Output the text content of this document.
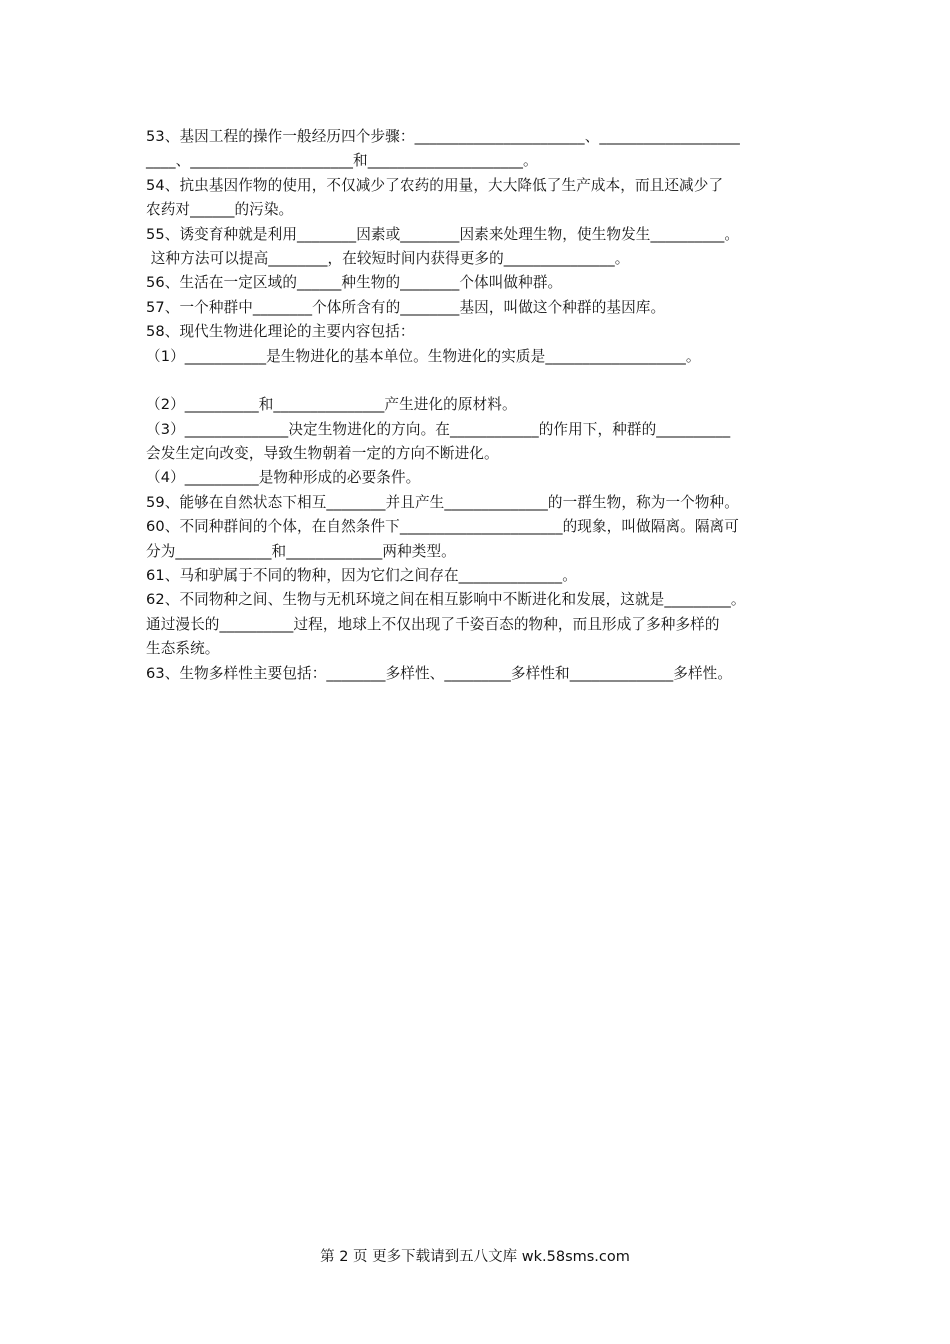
53、基因工程的操作一般经历四个步骤：_______________________、___________________
____、______________________和_____________________。
54、抗虫基因作物的使用，不仅减少了农药的用量，大大降低了生产成本，而且还减少了
农药对______的污染。
55、诱变育种就是利用________因素或________因素来处理生物，使生物发生__________。
这种方法可以提高________，在较短时间内获得更多的_______________。
56、生活在一定区域的______种生物的________个体叫做种群。
57、一个种群中________个体所含有的________基因，叫做这个种群的基因库。
58、现代生物进化理论的主要内容包括：
（1）___________是生物进化的基本单位。生物进化的实质是___________________。
（2）__________和_______________产生进化的原材料。
（3）______________决定生物进化的方向。在____________的作用下，种群的__________
会发生定向改变，导致生物朝着一定的方向不断进化。
（4）__________是物种形成的必要条件。
59、能够在自然状态下相互________并且产生______________的一群生物，称为一个物种。
60、不同种群间的个体，在自然条件下______________________的现象，叫做隔离。隔离可
分为_____________和_____________两种类型。
61、马和驴属于不同的物种，因为它们之间存在______________。
62、不同物种之间、生物与无机环境之间在相互影响中不断进化和发展，这就是_________。
通过漫长的__________过程，地球上不仅出现了千姿百态的物种，而且形成了多种多样的
生态系统。
63、生物多样性主要包括：________多样性、_________多样性和______________多样性。
第 2 页 更多下载请到五八文库 wk.58sms.com
